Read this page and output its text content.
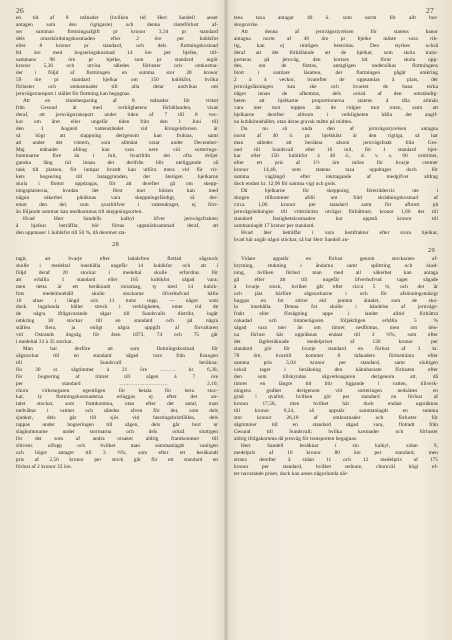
26
en tid af 8 månader (hvilken tid Herr Sandell anser
antagen som den rigtigaste) och denna räntefőrlust af-
ser summan flottningsafgift pr kronor 3,34 pr standard
dels omarkördningskostnaden efter 2 öre per kubikfot
eller 8 kronor pr standard, och dels flottningskostnad
84 öre med bogseringskostnad 14 öre per bjelke, till-
sammans 98 öre pr bjelke, som pr standard utgör
kronor 5,36 och utvisa således förluster och omkostna-
der i följd af flottningen en summa stor 28 kronor
59 öre pr standard hjelkar om 150 kubikfot, hvilka
förluster och omkostnader till alla delar undvikas om
jernvägstransport i stället för flottning kan begagnas.
Att en räntebesparing af 8 månader för virket
från Gesund år med verklighetens förhållanden, visas
deraf, att jernvägstransport under tiden af 7 till 8 vec-
kor om året eller ungefär tiden från den 1 Juni till
den 1 Augusti vattenståndet vid Kringelsforsen är
så högt att slappning derigenom kan fruktas, samt
att under det vintern, som allmänt varar under December-
Maj månader afdrag kan vara nere vid sorterings-
bommarne före än i Juli, hvarifrån det ofta dröjer
ganska lång tid innan det derifrån blir uteliggande så
rask till platsen, för lumpar hvardt kan utföra mera vid för vir-
kets bogsering till bataggrunden, der återigen hjelkarne
skola i flottor uppdragas, för att derefter gå om skepp-
ningsplatserna, hvadan det först mot hösten kan med
någon säkerhet påräknas vara skeppningsfärdigt, så der-
emot den del, som qvarblifver i vattendraget, ej förr-
än följande sommar kan medkommas till skeppningsorten.
Hvad Herr Sandells kalkyl öfver jernvägsfrakten
å hjelkar beträffar, bör förtas uppmärksammad deraf, att
den uppmaser 1 kubikfot till 50 %, då deremot sta-
28
27
tens taxa antagar 40 ö. som norm för allt bor-
skogsvirke.
Att denna af jernvägsstyrelsen för statens banor
antagna norm af 40 öre pr bjelke måste vara rik-
tig, kan ej rimligen bestridas. Den styrkes också
deraf att det förhållande att de bjelkar, som skola trans-
porteras på jernväg, den kortare tid förut skola upp-
des, om de flottas, antagligen undersökas flottningens
blott i samlare läsatteu, der flottningen pågår omkring
2 à 4 veckor, hvarefter de uppsamlas å plats, der
jernvägsläsningen kan ske och hvarest de bana torka
något innan de afhemtas, dels också af den omständig-
heten att bjelkarne proportionerna statens å tåla allmän
vara mer mot toppen än de vidgne mot roten, samt att
bjelkarne derefter alltsom i verkligheten hålla det angif-
na kubikinnehållet, utan deras gravsk måtte på midten.
Du nu så unda den af jernvägsstyrelsen antagna
norm af 40 ö. pr. bjelkkikt är den rigtiga, så har
man således att beräkna såsom jernvägsfrakt från Ges-
und till Sundsvall eller 16 mil, för 1 standard bjel-
kar eller 150 kubikfot à 40 ö., d. v. s. 60 centimer,
efter ett pris af 1½ öre miles för hvarje centner
kronor 14,40, som statens taxa uppdrager doch för
samma väglängd efter inkttagande af medgifvet afdrag
dock endast kr. 12,96 för samma vigt och gods.
Då hjelkarne för skeppning företrädesvis ute i
skogen tillkommer afdil om fråd skrädningskostnad af
circa 1,06 kronor per standard samt för afbrott på
jernvägsledningen till vidsträckta utvägar förbättrast, kronor 1,60 der till
standard fastighetskostnaden har uppstå kronor till
sammanlagdt 17 kronor per standard.
Hvad åter beträffar i vara hemfrakter efter stora bjelkar,
hvad här angår något stöckar, så har Herr Sandell an-
29
tagit, att hvarje efter ladalsfren flottad sågstock
skulle i medeltal innehålla ungefär 14 kubikfot och att i
följd deraf 20 stockar i medeltal skulle erfordras för
att erhålla 1 standard eller 165 kubikfot sågad vara;
men detta är ett beräknadt missmag, ty med 14 kubik-
fots medelinnehåll skulle stockarne öfverhufvud hålla
10 alnar i längd och 11 tums topp, — något som
dock ingalunda håller streck i verkligheten, emer vid de
de några ifrågavarande sågar till Sundsvalls distrikt, ingår
omkring 30 stockar till en standard och på några
ställen flera, ja enligt några uppgift af förvaltaren
vid Östrands ångsåg för åren 1873, 74 och 75 går
i medeltal 33 à 35 stockar.
Man har derföre att som flottningskostnad för
sågstockar till en standard sågad vara från Ilsungen
till Sundsvall beräkna:
för 30 st. sågtimmer à 21 öre ……… kr. 6,30,
för bogsering af timret till sågen à 7 öre
per standard ……………………… 2,10,
churu virkesegaren egentligen för betala för hera stoc-
kar, ty flottningskostnaderna erläggas ej efter det an-
talet stockar, som framkomma, utan efter det antal, man
nedvältar i vattnet och således afven för det, som dels
sjunker, dels går till sjös vid fasstingsbristfällen, dels
tappas under bogseringen till sågen, dels går bort ur
slagbommarne under stormarna och dels också sluttigen
för det som af andra orsaker aldrig framkommer till
slitvens ulfopp och hvilket man sammanlagdt vanligen
och högst antager till 3 ⅔%, som efter ett beräkandt
pris af 2,50 kronor per stock går för ett standard en
förlust af 2 kronor 33 öre.
Vidare uppstår en förlust genom stockarnes af-
brytning, stukning i ändarna samt splittring och skad-
ning, hvilken förlust man med all säkerhet kan antaga
gå efter ått till ungefär öfverhufvud taget sågade
à hvarje stock, hvilket går efter circa 5 ⅛, och det är
och jäst härföre sågstockarne i och för afsönningsmäsigt
huggas en fot större eld jemma äntalet, som de sko-
la innehålla. Denna fot skulle i händelse af jernvägs-
frakt eller försågning uppe i landet alltid förbättra
cokadad och timmerägaren följaktligen erhålla 5 %
sågad vara mer än om timret nedflottas, men om den-
na förlust här uppräknas endast till 3 ⅔%, som efter
det lägtberäknade medelpriset af 126 kronor per
standard gör för hvarje standard en förlust af 3 kr.
78 öre, hvartill kommer 8 månaders förlustränta efter
samma pris 5,04 kronor per standard, samt slutligen
också tager i beräkning den kännbaraste förlusten efter
den som tillskyndas sågverksagaren derigenom att, då
timret en längre tid blir liggande i vatten, tillverk-
ningens godhet derigenom vid sorteringen nedsättes en
grad i qvalité, hvilken gör per standard en förlust af
kronor 17,50, men hvilket här dock endast uppräknas
till kronor 6,24, så uppstår sammanlagdt en summa
stor kronor 26,10 af omkostnader och förluster för
sågtimmer till en standard sågad vara, flottadt från
Gesund till Sundsvall; hvilka kostnader och förluster
aldrig ifrågakomma då jernväg för transporten begagnas.
Herr Sandell beräknar i sin kalkyl, sidan 9,
medelpris af 16 kronor 80 öre per standard, men
stranx derefter å sidan 11 och 12 medelpris af 175
kronor per standard, hvilket sednare, churuväl högt ef-
ter nuvarande priser, dock kan anses någorlunda när-
